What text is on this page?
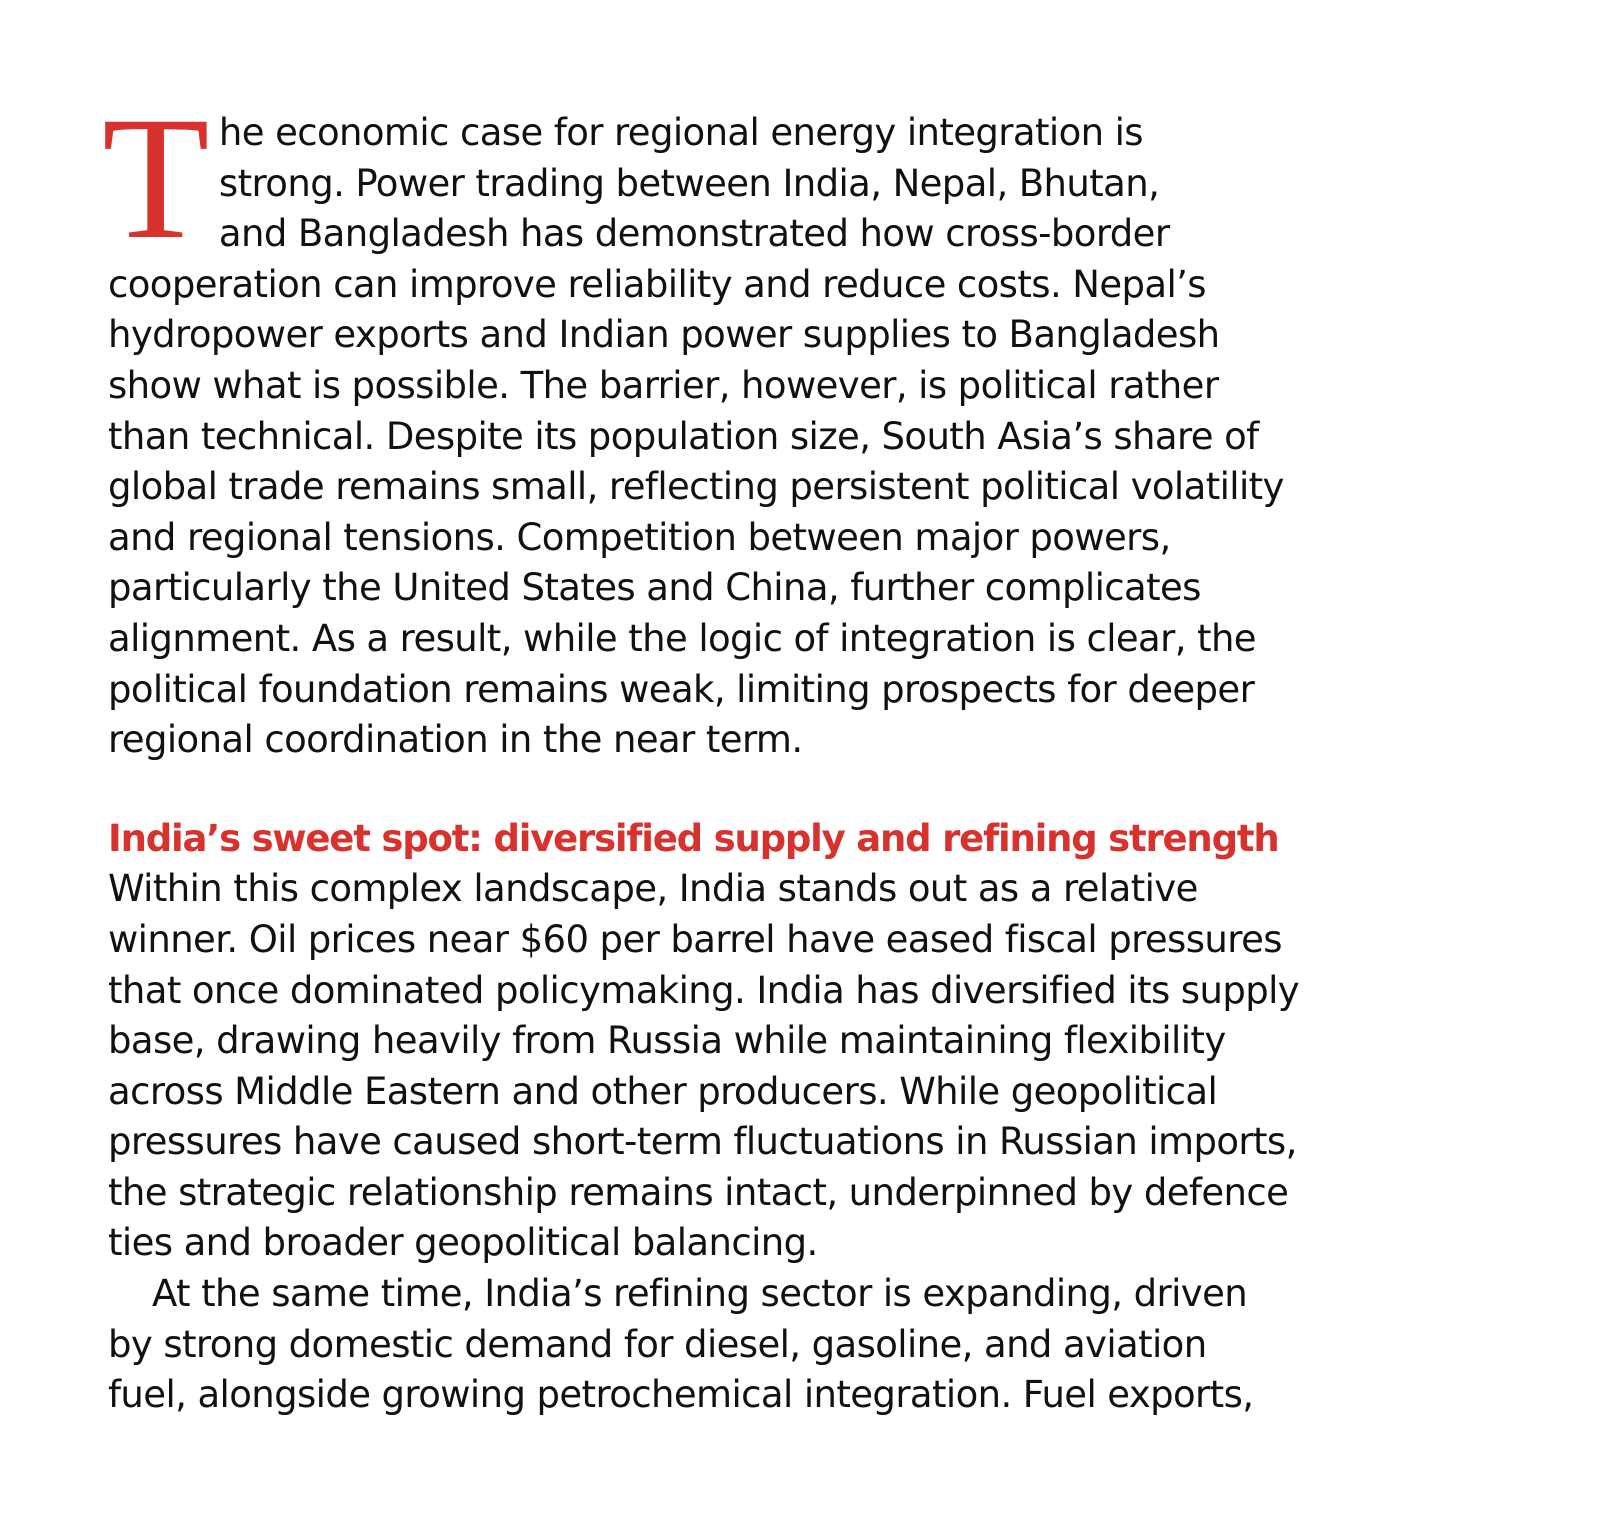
T he economic case for regional energy integration is
strong. Power trading between India, Nepal, Bhutan,
and Bangladesh has demonstrated how cross-border
cooperation can improve reliability and reduce costs. Nepal’s
hydropower exports and Indian power supplies to Bangladesh
show what is possible. The barrier, however, is political rather
than technical. Despite its population size, South Asia’s share of
global trade remains small, reflecting persistent political volatility
and regional tensions. Competition between major powers,
particularly the United States and China, further complicates
alignment. As a result, while the logic of integration is clear, the
political foundation remains weak, limiting prospects for deeper
regional coordination in the near term.

India’s sweet spot: diversified supply and refining strength

Within this complex landscape, India stands out as a relative
winner. Oil prices near $60 per barrel have eased fiscal pressures
that once dominated policymaking. India has diversified its supply
base, drawing heavily from Russia while maintaining flexibility
across Middle Eastern and other producers. While geopolitical
pressures have caused short-term fluctuations in Russian imports,
the strategic relationship remains intact, underpinned by defence
ties and broader geopolitical balancing.

At the same time, India’s refining sector is expanding, driven
by strong domestic demand for diesel, gasoline, and aviation
fuel, alongside growing petrochemical integration. Fuel exports,
